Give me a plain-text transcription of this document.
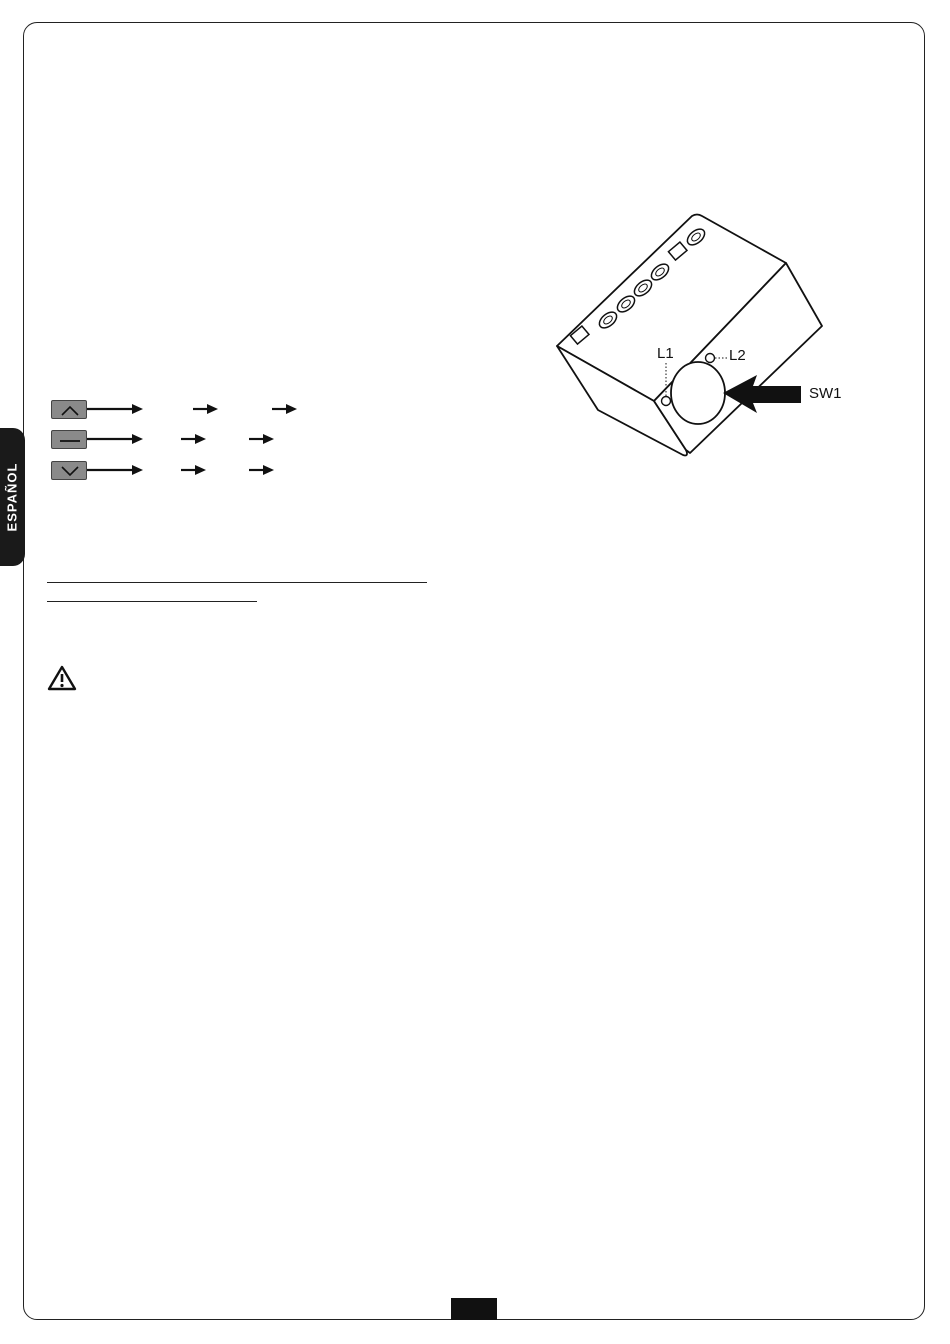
ESPAÑOL
L1	L2
SW1
